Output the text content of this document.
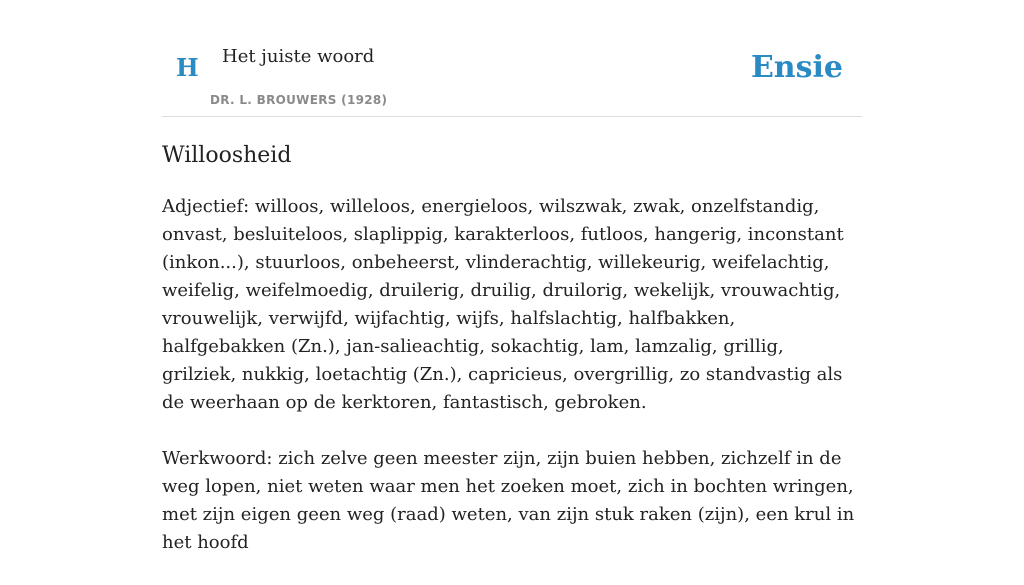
H Het juiste woord
DR. L. BROUWERS (1928)
Ensie
Willoosheid

Adjectief: willoos, willeloos, energieloos, wilszwak, zwak, onzelfstandig, onvast, besluiteloos, slaplippig, karakterloos, futloos, hangerig, inconstant (inkon...), stuurloos, onbeheerst, vlinderachtig, willekeurig, weifelachtig, weifelig, weifelmoedig, druilerig, druilig, druilorig, wekelijk, vrouwachtig, vrouwelijk, verwijfd, wijfachtig, wijfs, halfslachtig, halfbakken, halfgebakken (Zn.), jan-salieachtig, sokachtig, lam, lamzalig, grillig, grilziek, nukkig, loetachtig (Zn.), capricieus, overgrillig, zo standvastig als de weerhaan op de kerktoren, fantastisch, gebroken.

Werkwoord: zich zelve geen meester zijn, zijn buien hebben, zichzelf in de weg lopen, niet weten waar men het zoeken moet, zich in bochten wringen, met zijn eigen geen weg (raad) weten, van zijn stuk raken (zijn), een krul in het hoofd
